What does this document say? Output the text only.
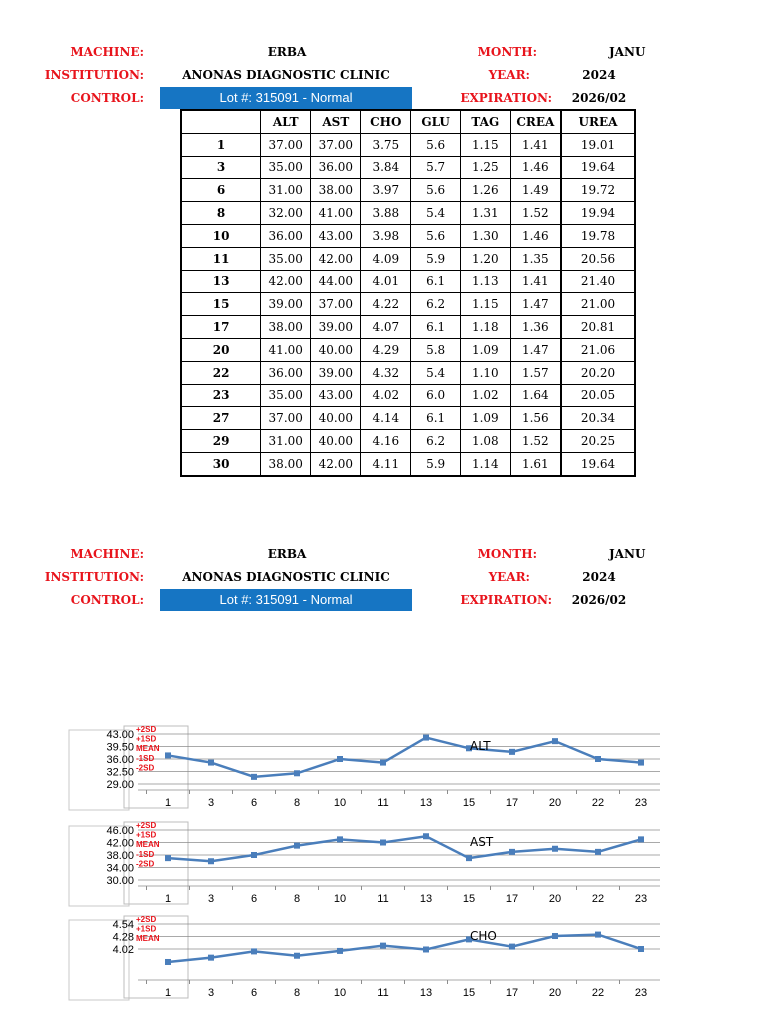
MACHINE:	ERBA
INSTITUTION:	ANONAS DIAGNOSTIC CLINIC
CONTROL:	Lot #: 315091 - Normal
MONTH:	JANU
YEAR:	2024
EXPIRATION: 2026/02
	ALT	AST	CHO	GLU	TAG	CREA	UREA
1	37.00	37.00	3.75	5.6	1.15	1.41	19.01
3	35.00	36.00	3.84	5.7	1.25	1.46	19.64
6	31.00	38.00	3.97	5.6	1.26	1.49	19.72
8	32.00	41.00	3.88	5.4	1.31	1.52	19.94
10	36.00	43.00	3.98	5.6	1.30	1.46	19.78
11	35.00	42.00	4.09	5.9	1.20	1.35	20.56
13	42.00	44.00	4.01	6.1	1.13	1.41	21.40
15	39.00	37.00	4.22	6.2	1.15	1.47	21.00
17	38.00	39.00	4.07	6.1	1.18	1.36	20.81
20	41.00	40.00	4.29	5.8	1.09	1.47	21.06
22	36.00	39.00	4.32	5.4	1.10	1.57	20.20
23	35.00	43.00	4.02	6.0	1.02	1.64	20.05
27	37.00	40.00	4.14	6.1	1.09	1.56	20.34
29	31.00	40.00	4.16	6.2	1.08	1.52	20.25
30	38.00	42.00	4.11	5.9	1.14	1.61	19.64
MACHINE:	ERBA
INSTITUTION:	ANONAS DIAGNOSTIC CLINIC
CONTROL:	Lot #: 315091 - Normal
MONTH:	JANU
YEAR:	2024
EXPIRATION: 2026/02
43.00
39.50
36.00
32.50
29.00
+2SD
+1SD
MEAN
-1SD
-2SD
1	3	6	8	10	11	13	15	17	20	22	23
ALT
46.00
42.00
38.00
34.00
30.00
+2SD
+1SD
MEAN
-1SD
-2SD
1	3	6	8	10	11	13	15	17	20	22	23
AST
4.54
4.28
4.02
+2SD
+1SD
MEAN
1	3	6	8	10	11	13	15	17	20	22	23
CHO
